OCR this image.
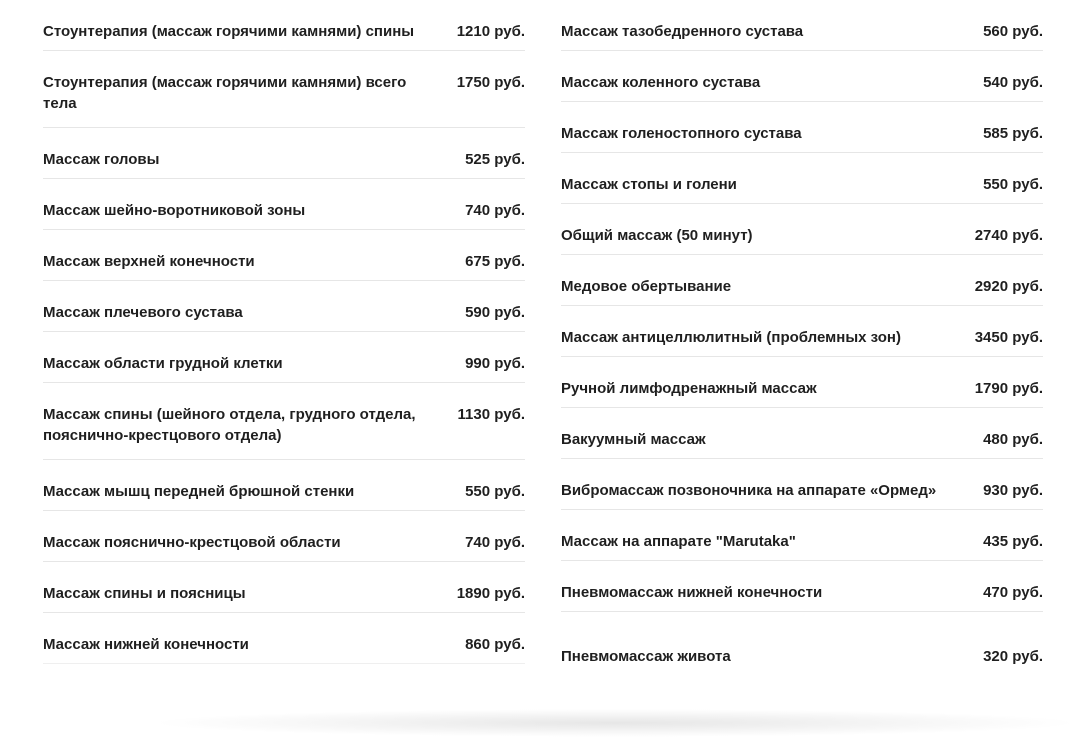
Стоунтерапия (массаж горячими камнями) спины	1210 руб.
Стоунтерапия (массаж горячими камнями) всего тела
1750 руб.
Массаж головы	525 руб.
Массаж шейно-воротниковой зоны	740 руб.
Массаж верхней конечности	675 руб.
Массаж плечевого сустава	590 руб.
Массаж области грудной клетки	990 руб.
Массаж спины (шейного отдела, грудного отдела, пояснично-крестцового отдела)
1130 руб.
Массаж мышц передней брюшной стенки	550 руб.
Массаж пояснично-крестцовой области	740 руб.
Массаж спины и поясницы	1890 руб.
Массаж нижней конечности	860 руб.
Массаж тазобедренного сустава	560 руб.
Массаж коленного сустава	540 руб.
Массаж голеностопного сустава	585 руб.
Массаж стопы и голени	550 руб.
Общий массаж (50 минут)	2740 руб.
Медовое обертывание	2920 руб.
Массаж антицеллюлитный (проблемных зон)	3450 руб.
Ручной лимфодренажный массаж	1790 руб.
Вакуумный массаж	480 руб.
Вибромассаж позвоночника на аппарате «Ормед»	930 руб.
Массаж на аппарате "Marutaka"	435 руб.
Пневмомассаж нижней конечности	470 руб.
Пневмомассаж живота	320 руб.
